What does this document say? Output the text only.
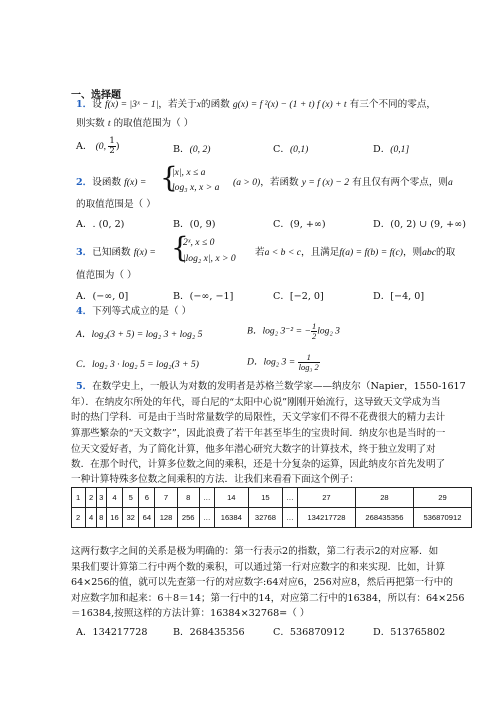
一、选择题
1．设 f(x) = |3ˣ − 1|，若关于x的函数 g(x) = f ²(x) − (1 + t) f (x) + t 有三个不同的零点，
则实数 t 的取值范围为（ ）
A． (0, $\frac{1}{2}$ )	B．(0, 2)	C．(0,1)	D．(0,1]
2．设函数 f(x) = {
|x|, x ≤ a
log₃ x, x > a (a > 0)，若函数 y = f (x) − 2 有且仅有两个零点，则a
的取值范围是（ ）
A．. (0, 2)	B．(0, 9)	C．(9, +∞)	D．(0, 2) ∪ (9, +∞)
3．已知函数 f(x) = {
2ˣ, x ≤ 0
|log₂ x|, x > 0
若a < b < c，且满足f(a) = f(b) = f(c)，则abc的取
值范围为（ ）
A．(−∞, 0]	B．(−∞, −1]	C．[−2, 0]	D．[−4, 0]
4．下列等式成立的是（ ）
A．log₂(3 + 5) = log₂ 3 + log₂ 5	B．log₂ 3⁻² = − $\frac{1}{2} \log_2$ 3
C．log₂ 3 · log₂ 5 = log₂(3 + 5)	D．log₂ $3 = \frac{1}{\text{log₃ 2}}$
5．在数学史上，一般认为对数的发明者是苏格兰数学家——纳皮尔（Napier，1550-1617
年）．在纳皮尔所处的年代，哥白尼的“太阳中心说”刚刚开始流行，这导致天文学成为当
时的热门学科．可是由于当时常量数学的局限性，天文学家们不得不花费很大的精力去计
算那些繁杂的“天文数字”，因此浪费了若干年甚至毕生的宝贵时间．纳皮尔也是当时的一
位天文爱好者，为了简化计算，他多年潜心研究大数字的计算技术，终于独立发明了对
数．在那个时代，计算多位数之间的乘积，还是十分复杂的运算，因此纳皮尔首先发明了
一种计算特殊多位数之间乘积的方法．让我们来看看下面这个例子：
1	2	3	4	5	6	7	8	…	14	15	…	27	28	29
2	4	8	16	32	64	128	256	…	16384	32768	…	134217728	268435356	536870912
这两行数字之间的关系是极为明确的：第一行表示2的指数，第二行表示2的对应幂．如
果我们要计算第二行中两个数的乘积，可以通过第一行对应数字的和来实现．比如，计算
64×256的值，就可以先查第一行的对应数字:64对应6，256对应8，然后再把第一行中的
对应数字加和起来：6＋8＝14；第一行中的14，对应第二行中的16384，所以有：64×256
＝16384,按照这样的方法计算：16384×32768=（ ）
A．134217728	B．268435356	C．536870912	D．513765802
